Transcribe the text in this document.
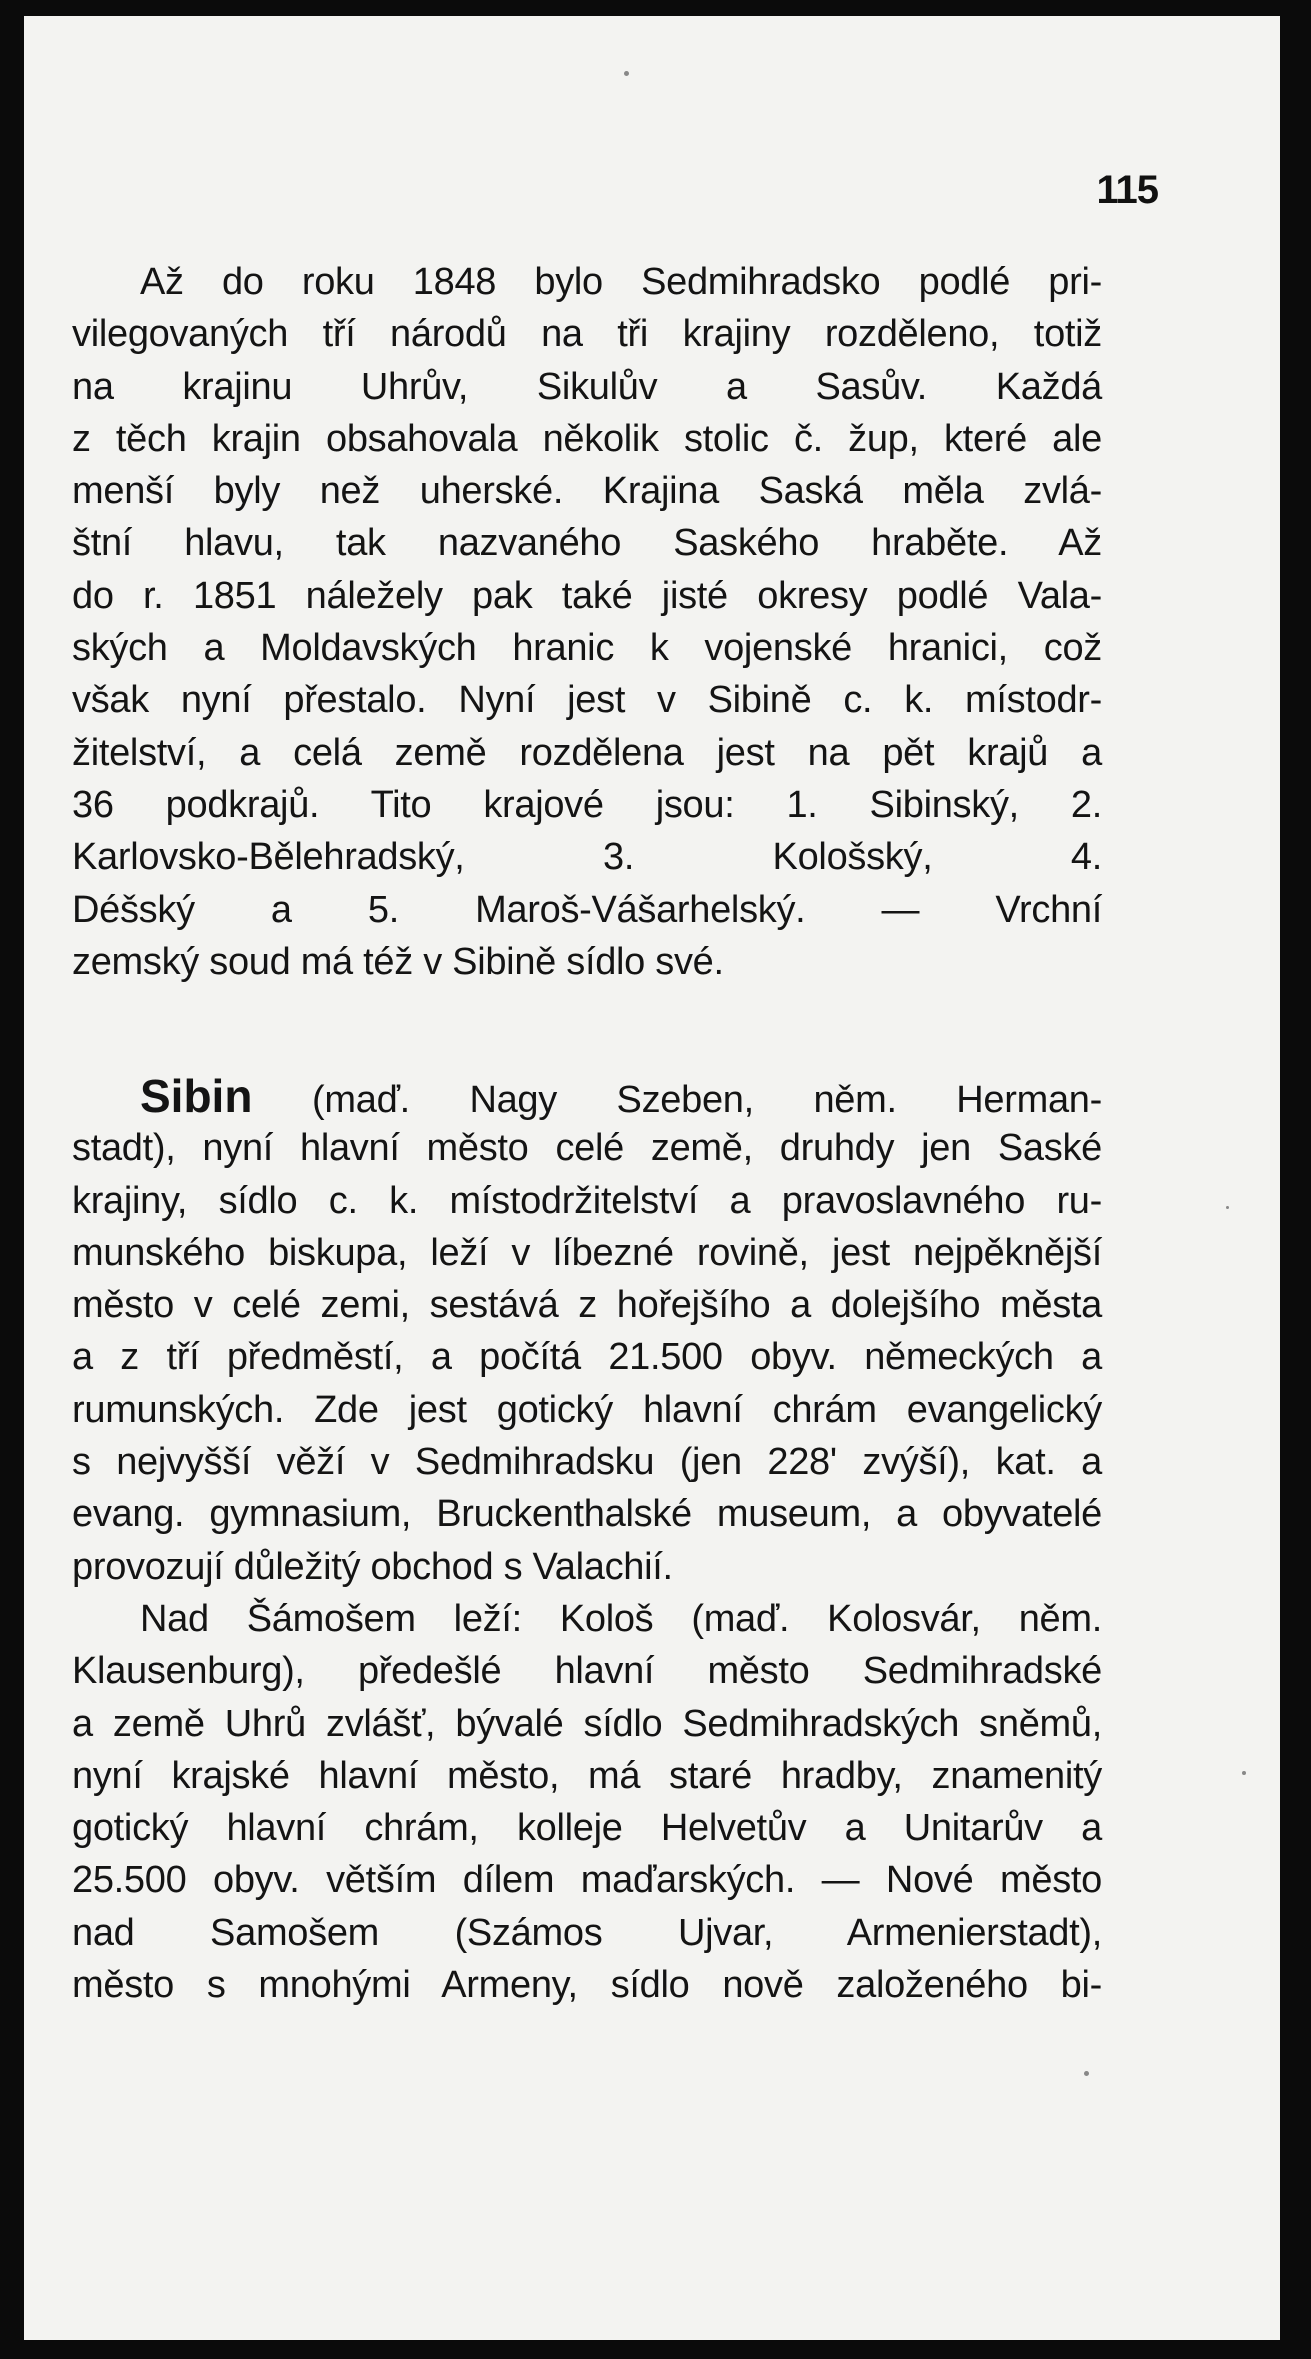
115
Až do roku 1848 bylo Sedmihradsko podlé pri-
vilegovaných tří národů na tři krajiny rozděleno, totiž
na krajinu Uhrův, Sikulův a Sasův. Každá
z těch krajin obsahovala několik stolic č. žup, které ale
menší byly než uherské. Krajina Saská měla zvlá-
štní hlavu, tak nazvaného Saského hraběte. Až
do r. 1851 náležely pak také jisté okresy podlé Vala-
ských a Moldavských hranic k vojenské hranici, což
však nyní přestalo. Nyní jest v Sibině c. k. místodr-
žitelství, a celá země rozdělena jest na pět krajů a
36 podkrajů. Tito krajové jsou: 1. Sibinský, 2.
Karlovsko-Bělehradský, 3. Kološský, 4.
Déšský a 5. Maroš-Vášarhelský. — Vrchní
zemský soud má též v Sibině sídlo své.
Sibin (maď. Nagy Szeben, něm. Herman-
stadt), nyní hlavní město celé země, druhdy jen Saské
krajiny, sídlo c. k. místodržitelství a pravoslavného ru-
munského biskupa, leží v líbezné rovině, jest nejpěknější
město v celé zemi, sestává z hořejšího a dolejšího města
a z tří předměstí, a počítá 21.500 obyv. německých a
rumunských. Zde jest gotický hlavní chrám evangelický
s nejvyšší věží v Sedmihradsku (jen 228' zvýší), kat. a
evang. gymnasium, Bruckenthalské museum, a obyvatelé
provozují důležitý obchod s Valachií.
Nad Šámošem leží: Kološ (maď. Kolosvár, něm.
Klausenburg), předešlé hlavní město Sedmihradské
a země Uhrů zvlášť, bývalé sídlo Sedmihradských sněmů,
nyní krajské hlavní město, má staré hradby, znamenitý
gotický hlavní chrám, kolleje Helvetův a Unitarův a
25.500 obyv. větším dílem maďarských. — Nové město
nad Samošem (Számos Ujvar, Armenierstadt),
město s mnohými Armeny, sídlo nově založeného bi-
